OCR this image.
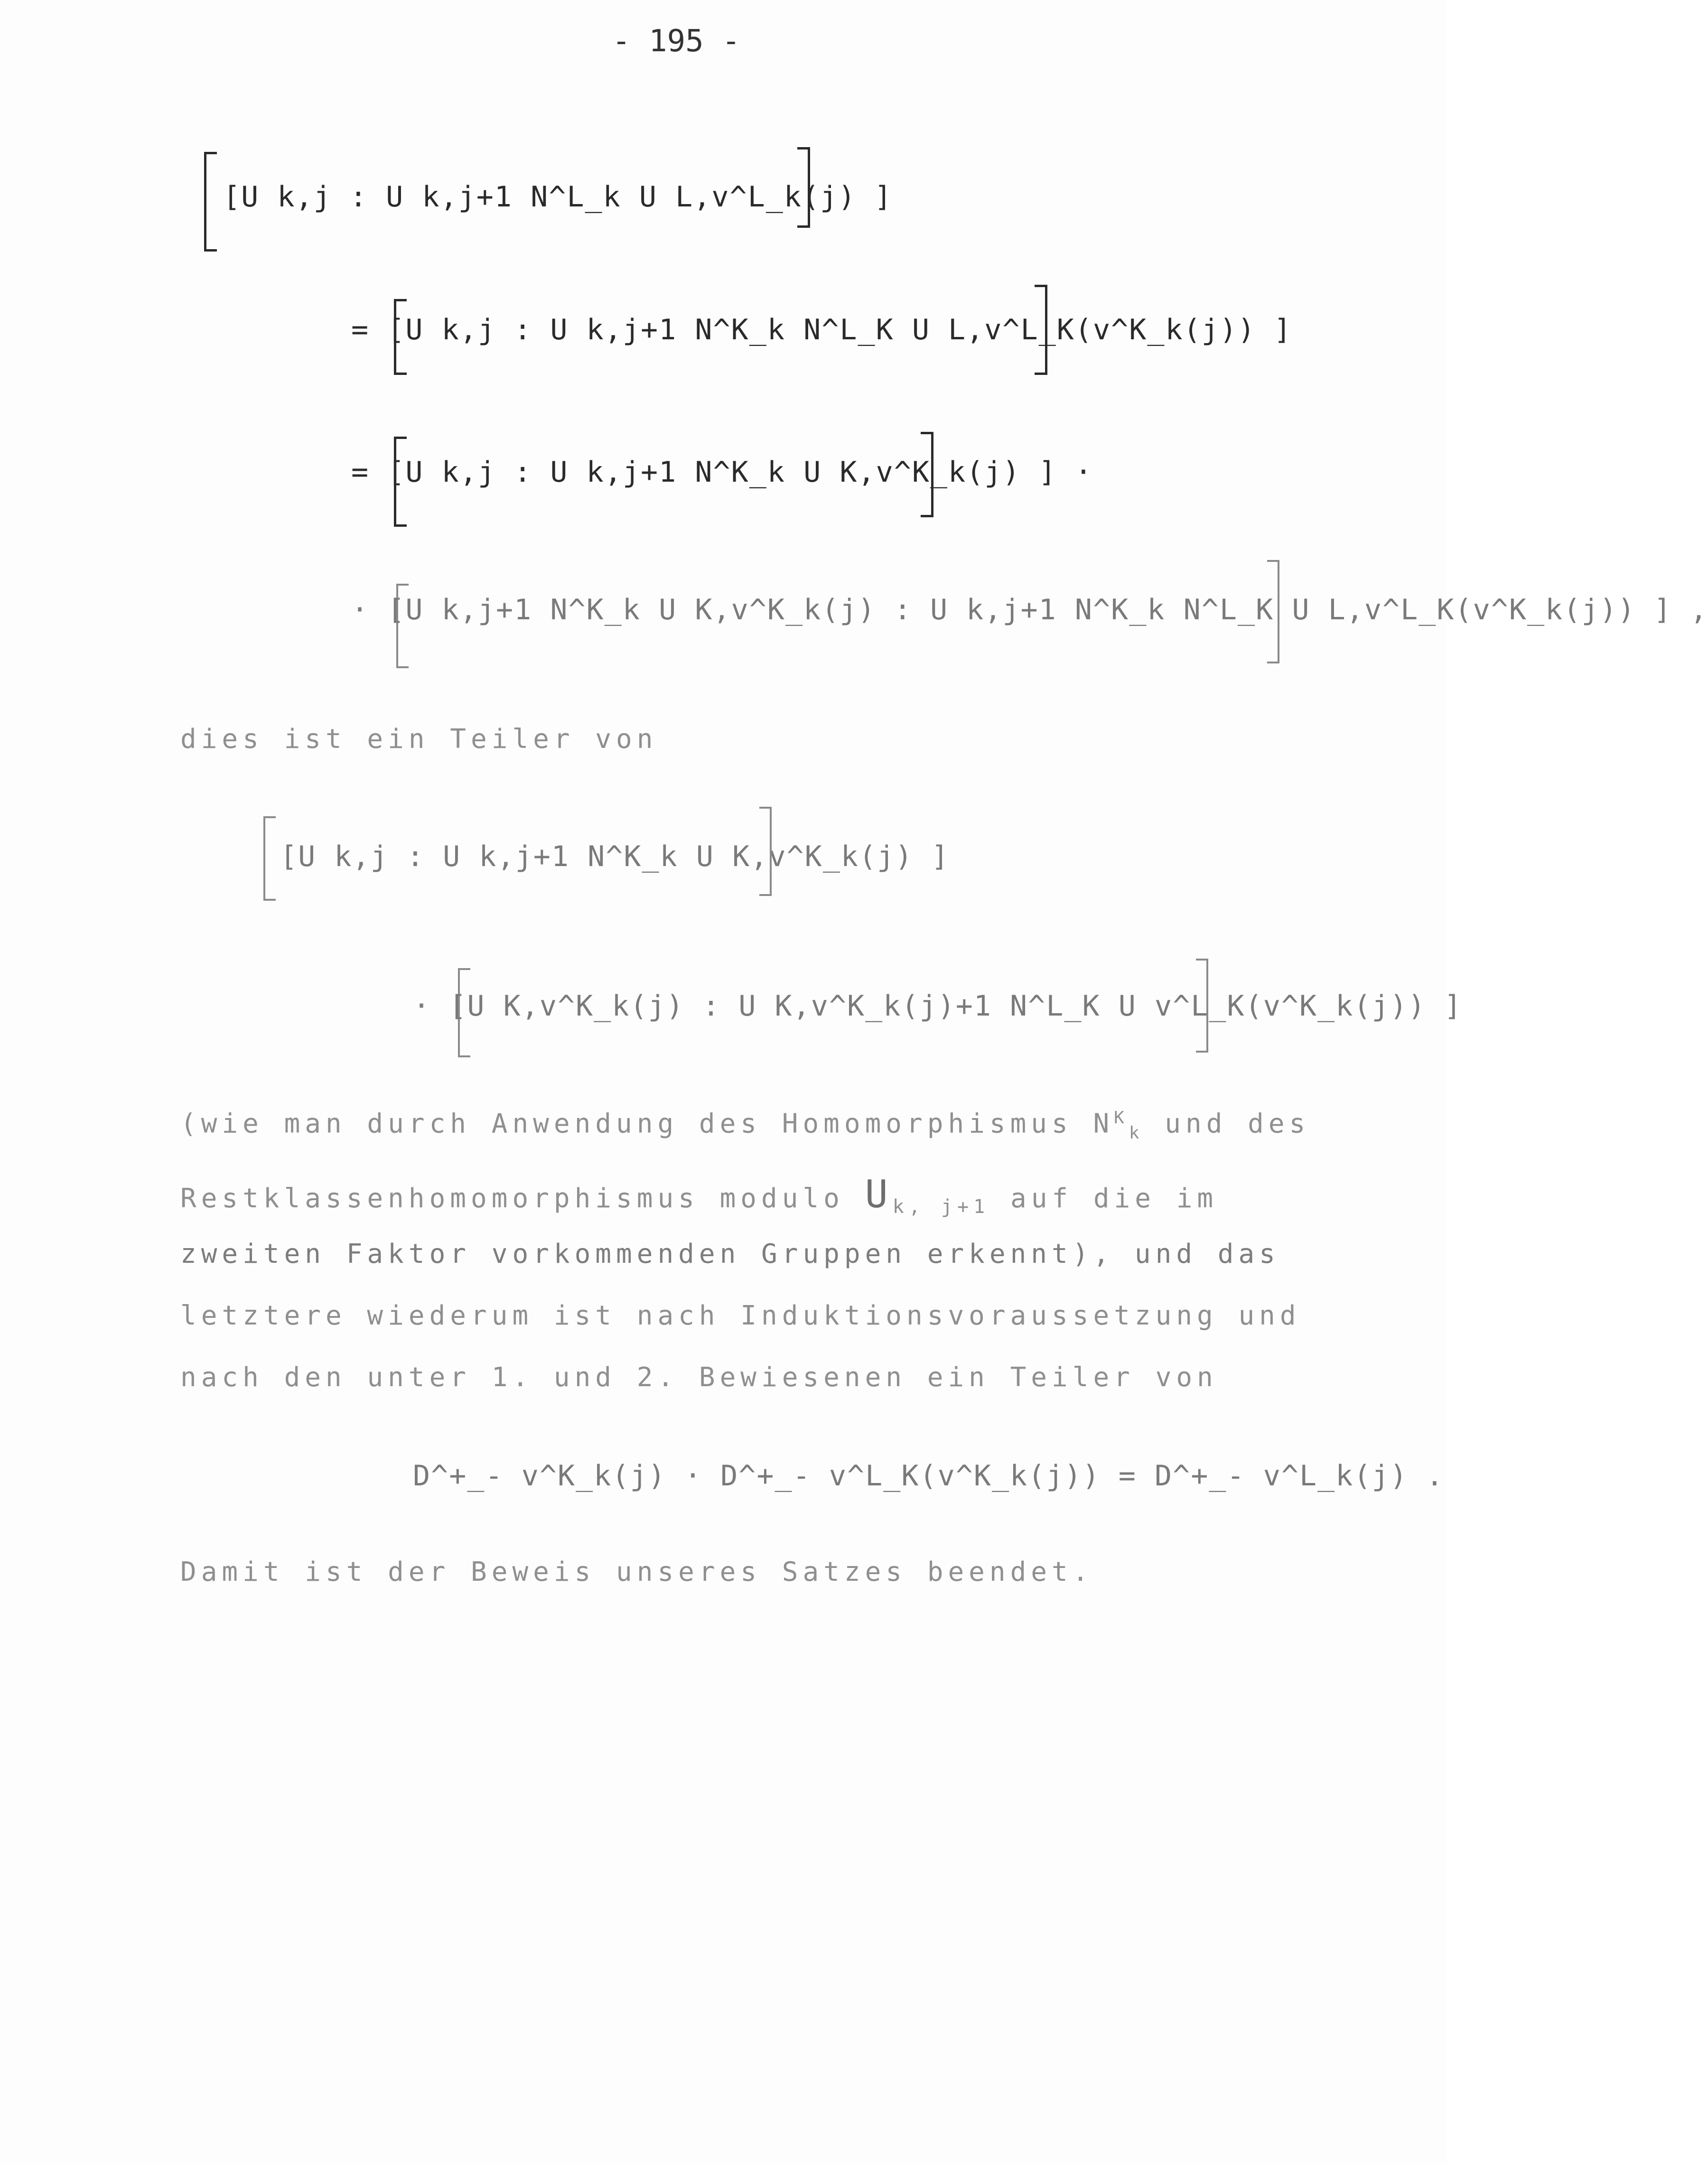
- 195 -
[U k,j : U k,j+1 N^L_k U L,v^L_k(j) ]
= [U k,j : U k,j+1 N^K_k N^L_K U L,v^L_K(v^K_k(j)) ]
= [U k,j : U k,j+1 N^K_k U K,v^K_k(j) ] ·
· [U k,j+1 N^K_k U K,v^K_k(j) : U k,j+1 N^K_k N^L_K U L,v^L_K(v^K_k(j)) ] ,
dies ist ein Teiler von
[U k,j : U k,j+1 N^K_k U K,v^K_k(j) ]
· [U K,v^K_k(j) : U K,v^K_k(j)+1 N^L_K U v^L_K(v^K_k(j)) ]
(wie man durch Anwendung des Homomorphismus $N^K_k$ und des
Restklassenhomomorphismus modulo $U_{k, j+1}$ auf die im
zweiten Faktor vorkommenden Gruppen erkennt), und das
letztere wiederum ist nach Induktionsvoraussetzung und
nach den unter 1. und 2. Bewiesenen ein Teiler von
D^+_- v^K_k(j) · D^+_- v^L_K(v^K_k(j)) = D^+_- v^L_k(j) .
Damit ist der Beweis unseres Satzes beendet.
